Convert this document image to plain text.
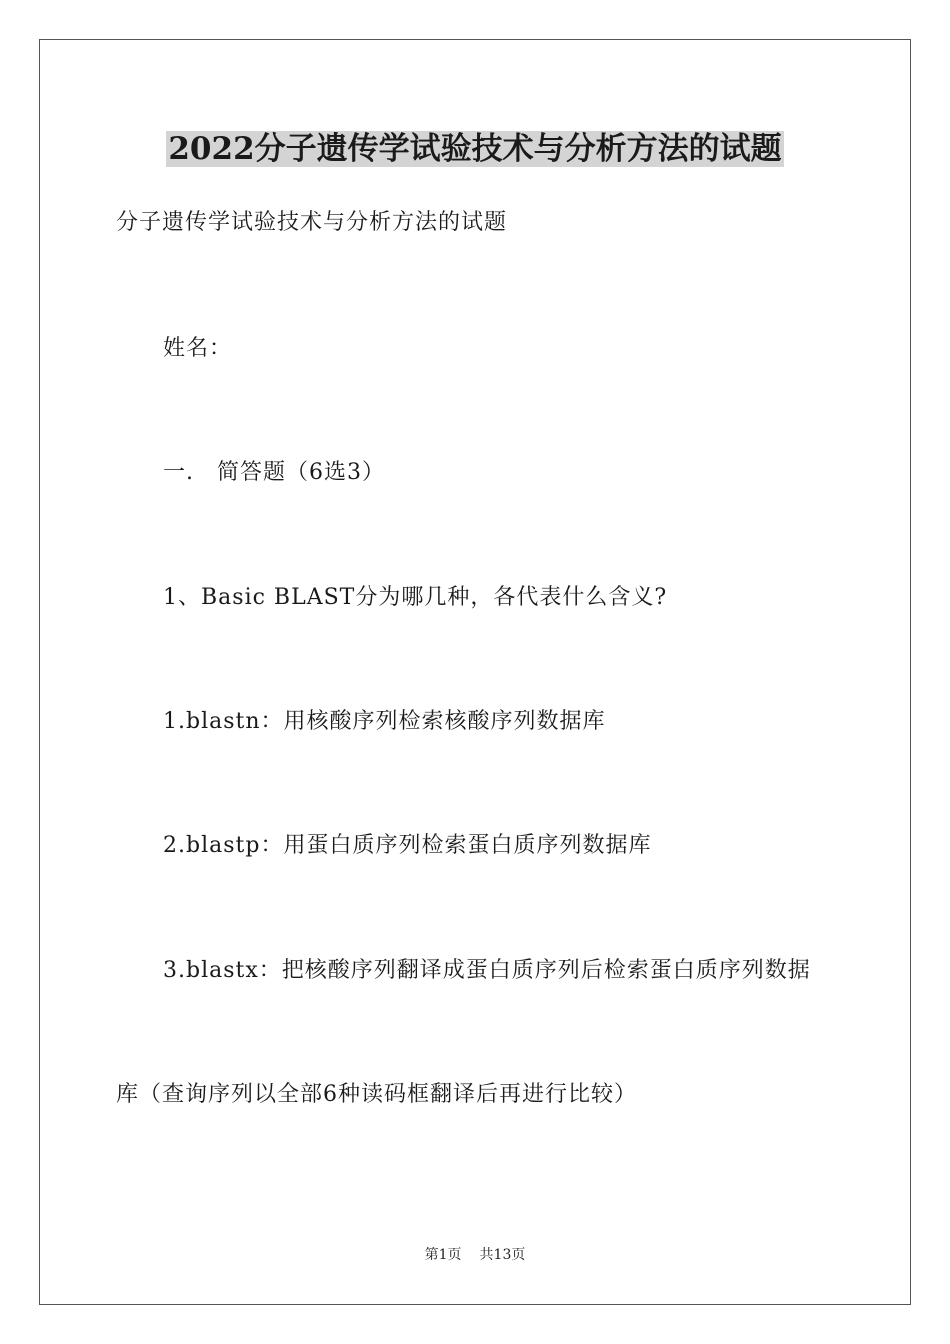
2022分子遗传学试验技术与分析方法的试题
分子遗传学试验技术与分析方法的试题
姓名：
一.　简答题（6选3）
1、Basic BLAST分为哪几种，各代表什么含义?
1.blastn：用核酸序列检索核酸序列数据库
2.blastp：用蛋白质序列检索蛋白质序列数据库
3.blastx：把核酸序列翻译成蛋白质序列后检索蛋白质序列数据
库（查询序列以全部6种读码框翻译后再进行比较）
第1页 共13页
